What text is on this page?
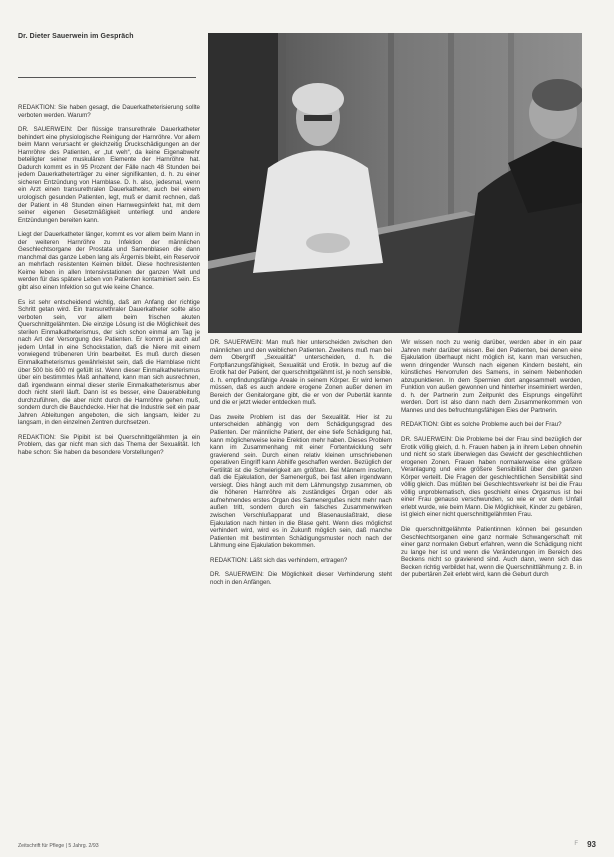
Dr. Dieter Sauerwein im Gespräch

REDAKTION: Sie haben gesagt, die Dauerkatheterisierung sollte verboten werden. Warum?

DR. SAUERWEIN: Der flüssige transurethrale Dauerkatheter behindert eine physiologische Reinigung der Harnröhre. Vor allem beim Mann verursacht er gleichzeitig Druckschädigungen an der Harnröhre des Patienten, er „tut weh“, da keine Eigenabwehr beteiligter seiner muskulären Elemente der Harnröhre hat. Dadurch kommt es in 95 Prozent der Fälle nach 48 Stunden bei jedem Dauerkatheterträger zu einer signifikanten, d. h. zu einer sicheren Entzündung von Harnblase. D. h. also, jedesmal, wenn ein Arzt einen transurethralen Dauerkatheter, auch bei einem urologisch gesunden Patienten, legt, muß er damit rechnen, daß der Patient in 48 Stunden einen Harnwegsinfekt hat, mit dem seiner eigenen Gesetzmäßigkeit unterliegt und andere Entzündungen bereiten kann.

Liegt der Dauerkatheter länger, kommt es vor allem beim Mann in der weiteren Harnröhre zu Infektion der männlichen Geschlechtsorgane der Prostata und Samenblasen die dann manchmal das ganze Leben lang als Ärgernis bleibt, ein Reservoir an mehrfach resistenten Keimen bildet. Diese hochresistenten Keime leben in allen Intensivstationen der ganzen Welt und werden für das spätere Leben von Patienten kontaminiert sein. Es gibt also einen Infektion so gut wie keine Chance.

Es ist sehr entscheidend wichtig, daß am Anfang der richtige Schritt getan wird. Ein transurethraler Dauerkatheter sollte also verboten sein, vor allem beim frischen akuten Querschnittgelähmten. Die einzige Lösung ist die Möglichkeit des sterilen Einmalkatheterismus, der sich schon einmal am Tag je nach Art der Versorgung des Patienten. Er kommt ja auch auf jedem Unfall in eine Schockstation, daß die Niere mit einem vorwiegend trübeneren Urin bearbeitet. Es muß durch diesen Einmalkatheterismus gewährleistet sein, daß die Harnblase nicht über 500 bis 600 ml gefüllt ist. Wenn dieser Einmalkatheterismus über ein bestimmtes Maß anhaltend, kann man sich ausrechnen, daß irgendwann einmal dieser sterile Einmalkatheterismus aber doch nicht steril läuft. Dann ist es besser, eine Dauerableitung durchzuführen, die aber nicht durch die Harnröhre gehen muß, sondern durch die Bauchdecke. Hier hat die Industrie seit ein paar Jahren Ableitungen angeboten, die sich langsam, leider zu langsam, in den einzelnen Zentren durchsetzen.

REDAKTION: Sie Pipibit ist bei Querschnittgelähmten ja ein Problem, das gar nicht man sich das Thema der Sexualität. Ich habe schon: Sie haben da besondere Vorstellungen?

DR. SAUERWEIN: Man muß hier unterscheiden zwischen den männlichen und den weiblichen Patienten. Zweitens muß man bei dem Obergriff „Sexualität“ unterscheiden, d. h. die Fortpflanzungsfähigkeit, Sexualität und Erotik. In bezug auf die Erotik hat der Patient, der querschnittgelähmt ist, je noch sensible, d. h. empfindungsfähige Areale in seinem Körper. Er wird lernen müssen, daß es auch andere erogene Zonen außer denen im Bereich der Genitalorgane gibt, die er von der Pubertät kannte und die er jetzt wieder entdecken muß.

Das zweite Problem ist das der Sexualität. Hier ist zu unterscheiden abhängig von dem Schädigungsgrad des Patienten. Der männliche Patient, der eine tiefe Schädigung hat, kann möglicherweise keine Erektion mehr haben. Dieses Problem kann im Zusammenhang mit einer Fortentwicklung sehr gravierend sein. Durch einen relativ kleinen umschriebenen operativen Eingriff kann Abhilfe geschaffen werden. Bezüglich der Fertilität ist die Schwierigkeit am größten. Bei Männern insofern, daß die Ejakulation, der Samenerguß, bei fast allen irgendwann versiegt. Dies hängt auch mit dem Lähmungstyp zusammen, ob die höheren Harnröhre als zuständiges Organ oder als aufnehmendes erstes Organ des Samenergußes nicht mehr nach außen tritt, sondern durch ein falsches Zusammenwirken zwischen Verschlußapparat und Blasenauslaßtrakt, diese Ejakulation nach hinten in die Blase geht. Wenn dies möglichst verhindert wird, wird es in Zukunft möglich sein, daß manche Patienten mit bestimmten Schädigungsmuster noch nach der Lähmung eine Ejakulation bekommen.

REDAKTION: Läßt sich das verhindern, ertragen?

DR. SAUERWEIN: Die Möglichkeit dieser Verhinderung steht noch in den Anfängen.

Wir wissen noch zu wenig darüber, werden aber in ein paar Jahren mehr darüber wissen. Bei den Patienten, bei denen eine Ejakulation überhaupt nicht möglich ist, kann man versuchen, wenn dringender Wunsch nach eigenen Kindern besteht, ein künstliches Hervorrufen des Samens, in seinem Nebenhoden abzupunktieren. In dem Spermien dort angesammelt werden, Funktion von außen gewonnen und hinterher inseminiert werden, d. h. der Partnerin zum Zeitpunkt des Eisprungs eingeführt werden. Dort ist also dann nach dem Zusammenkommen von Mannes und des befruchtungsfähigen Eies der Partnerin.

REDAKTION: Gibt es solche Probleme auch bei der Frau?

DR. SAUERWEIN: Die Probleme bei der Frau sind bezüglich der Erotik völlig gleich, d. h. Frauen haben ja in ihrem Leben ohnehin und nicht so stark überwiegen das Gewicht der geschlechtlichen erogenen Zonen. Frauen haben normalerweise eine größere Veranlagung und eine größere Sensibilität über den ganzen Körper verteilt. Die Fragen der geschlechtlichen Sensibilität sind völlig gleich. Das müßten bei Geschlechtsverkehr ist bei die Frau völlig unproblematisch, dies geschieht eines Orgasmus ist bei einer Frau genauso verschwunden, so wie er vor dem Unfall erlebt wurde, wie beim Mann. Die Möglichkeit, Kinder zu gebären, ist gleich einer nicht querschnittgelähmten Frau.

Die querschnittgelähmte Patientinnen können bei gesunden Geschlechtsorganen eine ganz normale Schwangerschaft mit einer ganz normalen Geburt erfahren, wenn die Schädigung nicht zu lange her ist und wenn die Veränderungen im Bereich des Beckens nicht so gravierend sind. Auch dann, wenn sich das Becken richtig verbildet hat, wenn die Querschnittlähmung z. B. in der pubertären Zeit erlebt wird, kann die Geburt durch

Zeitschrift für Pflege | 5 Jahrg. 2/93	F 93
